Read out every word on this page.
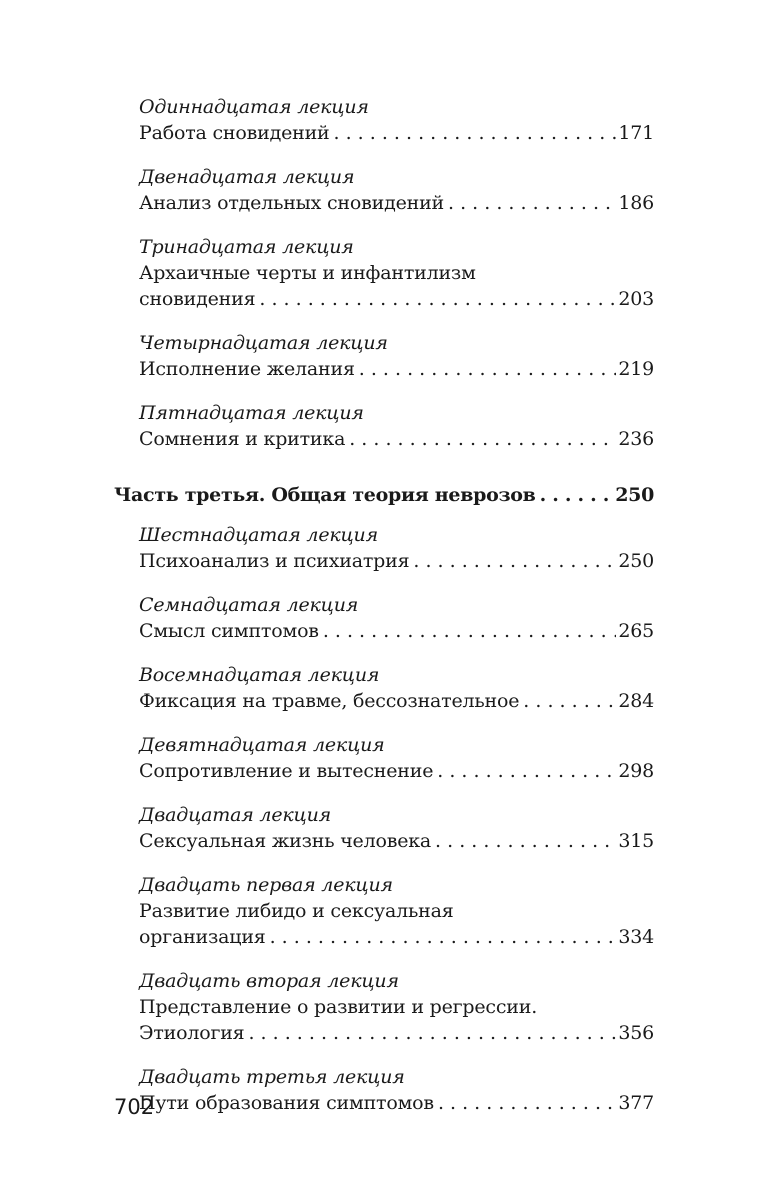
Одиннадцатая лекция
Работа сновидений . . .	171
Двенадцатая лекция
Анализ отдельных сновидений . . .	186
Тринадцатая лекция
Архаичные черты и инфантилизм
сновидения . . .	203
Четырнадцатая лекция
Исполнение желания . . .	219
Пятнадцатая лекция
Сомнения и критика . . .	236
Часть третья. Общая теория неврозов . . .	250
Шестнадцатая лекция
Психоанализ и психиатрия . . .	250
Семнадцатая лекция
Смысл симптомов . . .	265
Восемнадцатая лекция
Фиксация на травме, бессознательное . . .	284
Девятнадцатая лекция
Сопротивление и вытеснение . . .	298
Двадцатая лекция
Сексуальная жизнь человека . . .	315
Двадцать первая лекция
Развитие либидо и сексуальная
организация . . .	334
Двадцать вторая лекция
Представление о развитии и регрессии.
Этиология . . .	356
Двадцать третья лекция
Пути образования симптомов . . .	377
702
